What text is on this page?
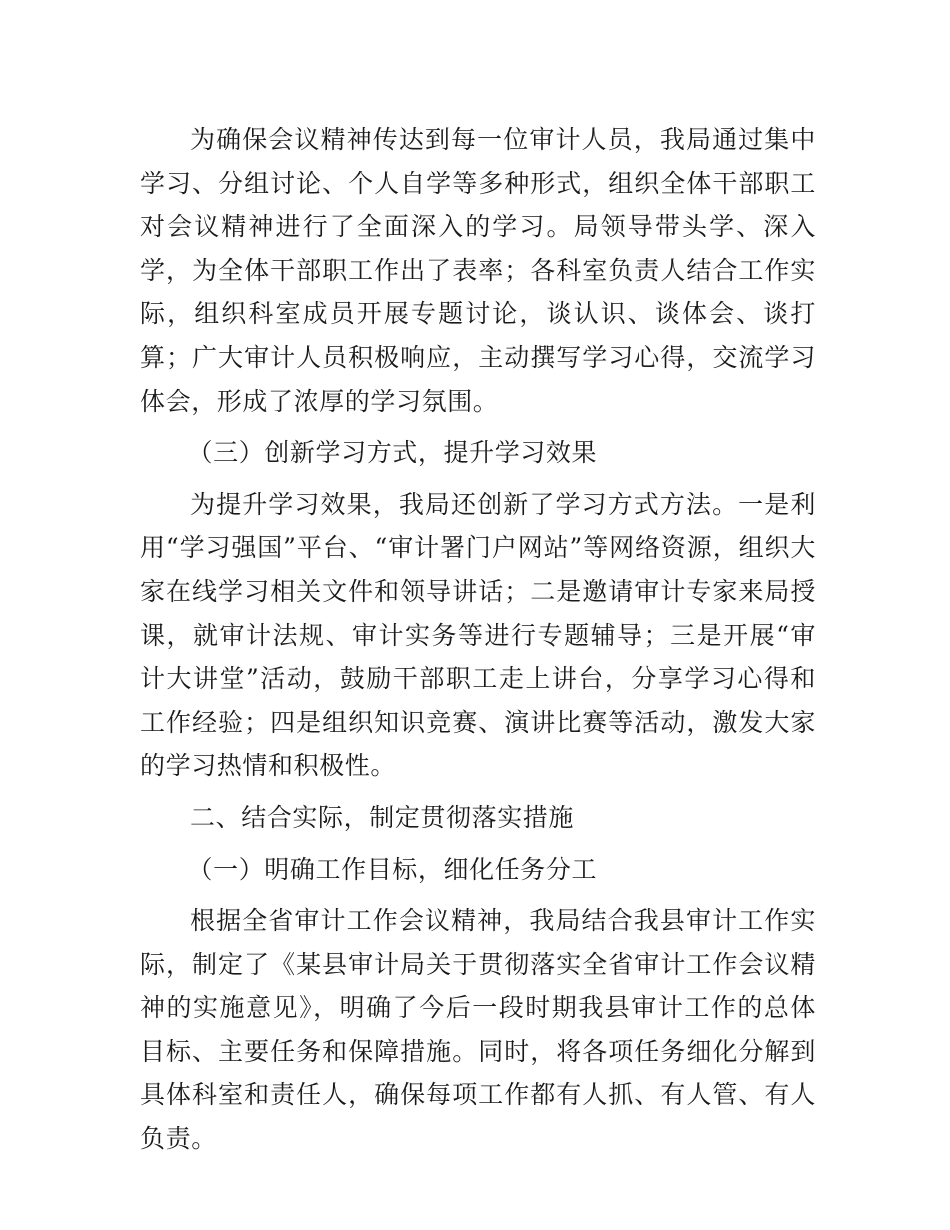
为确保会议精神传达到每一位审计人员，我局通过集中学习、分组讨论、个人自学等多种形式，组织全体干部职工对会议精神进行了全面深入的学习。局领导带头学、深入学，为全体干部职工作出了表率；各科室负责人结合工作实际，组织科室成员开展专题讨论，谈认识、谈体会、谈打算；广大审计人员积极响应，主动撰写学习心得，交流学习体会，形成了浓厚的学习氛围。

（三）创新学习方式，提升学习效果

为提升学习效果，我局还创新了学习方式方法。一是利用“学习强国”平台、“审计署门户网站”等网络资源，组织大家在线学习相关文件和领导讲话；二是邀请审计专家来局授课，就审计法规、审计实务等进行专题辅导；三是开展“审计大讲堂”活动，鼓励干部职工走上讲台，分享学习心得和工作经验；四是组织知识竞赛、演讲比赛等活动，激发大家的学习热情和积极性。

二、结合实际，制定贯彻落实措施

（一）明确工作目标，细化任务分工

根据全省审计工作会议精神，我局结合我县审计工作实际，制定了《某县审计局关于贯彻落实全省审计工作会议精神的实施意见》，明确了今后一段时期我县审计工作的总体目标、主要任务和保障措施。同时，将各项任务细化分解到具体科室和责任人，确保每项工作都有人抓、有人管、有人负责。
